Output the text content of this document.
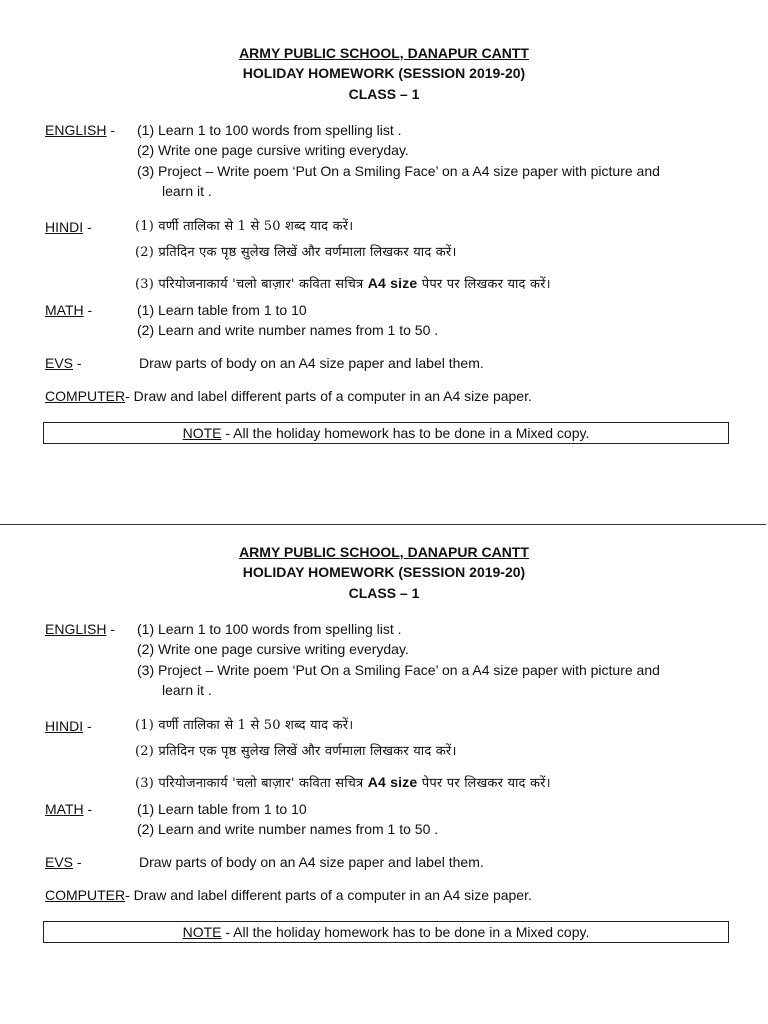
ARMY PUBLIC SCHOOL, DANAPUR CANTT
HOLIDAY HOMEWORK (SESSION 2019-20)
CLASS – 1
ENGLISH - (1) Learn 1 to 100 words from spelling list .
(2) Write one page cursive writing everyday.
(3) Project – Write poem ‘Put On a Smiling Face’ on a A4 size paper with picture and
learn it .
HINDI -	(1) वर्णी तालिका से 1 से 50 शब्द याद करें।
(2) प्रतिदिन एक पृष्ठ सुलेख लिखें और वर्णमाला लिखकर याद करें।
(3) परियोजनाकार्य 'चलो बाज़ार' कविता सचित्र A4 size पेपर पर लिखकर याद करें।
MATH -	(1) Learn table from 1 to 10
(2) Learn and write number names from 1 to 50 .
EVS -	Draw parts of body on an A4 size paper and label them.
COMPUTER- Draw and label different parts of a computer in an A4 size paper.
NOTE - All the holiday homework has to be done in a Mixed copy.
ARMY PUBLIC SCHOOL, DANAPUR CANTT
HOLIDAY HOMEWORK (SESSION 2019-20)
CLASS – 1
ENGLISH - (1) Learn 1 to 100 words from spelling list .
(2) Write one page cursive writing everyday.
(3) Project – Write poem ‘Put On a Smiling Face’ on a A4 size paper with picture and
learn it .
HINDI -	(1) वर्णी तालिका से 1 से 50 शब्द याद करें।
(2) प्रतिदिन एक पृष्ठ सुलेख लिखें और वर्णमाला लिखकर याद करें।
(3) परियोजनाकार्य 'चलो बाज़ार' कविता सचित्र A4 size पेपर पर लिखकर याद करें।
MATH -	(1) Learn table from 1 to 10
(2) Learn and write number names from 1 to 50 .
EVS -	Draw parts of body on an A4 size paper and label them.
COMPUTER- Draw and label different parts of a computer in an A4 size paper.
NOTE - All the holiday homework has to be done in a Mixed copy.
